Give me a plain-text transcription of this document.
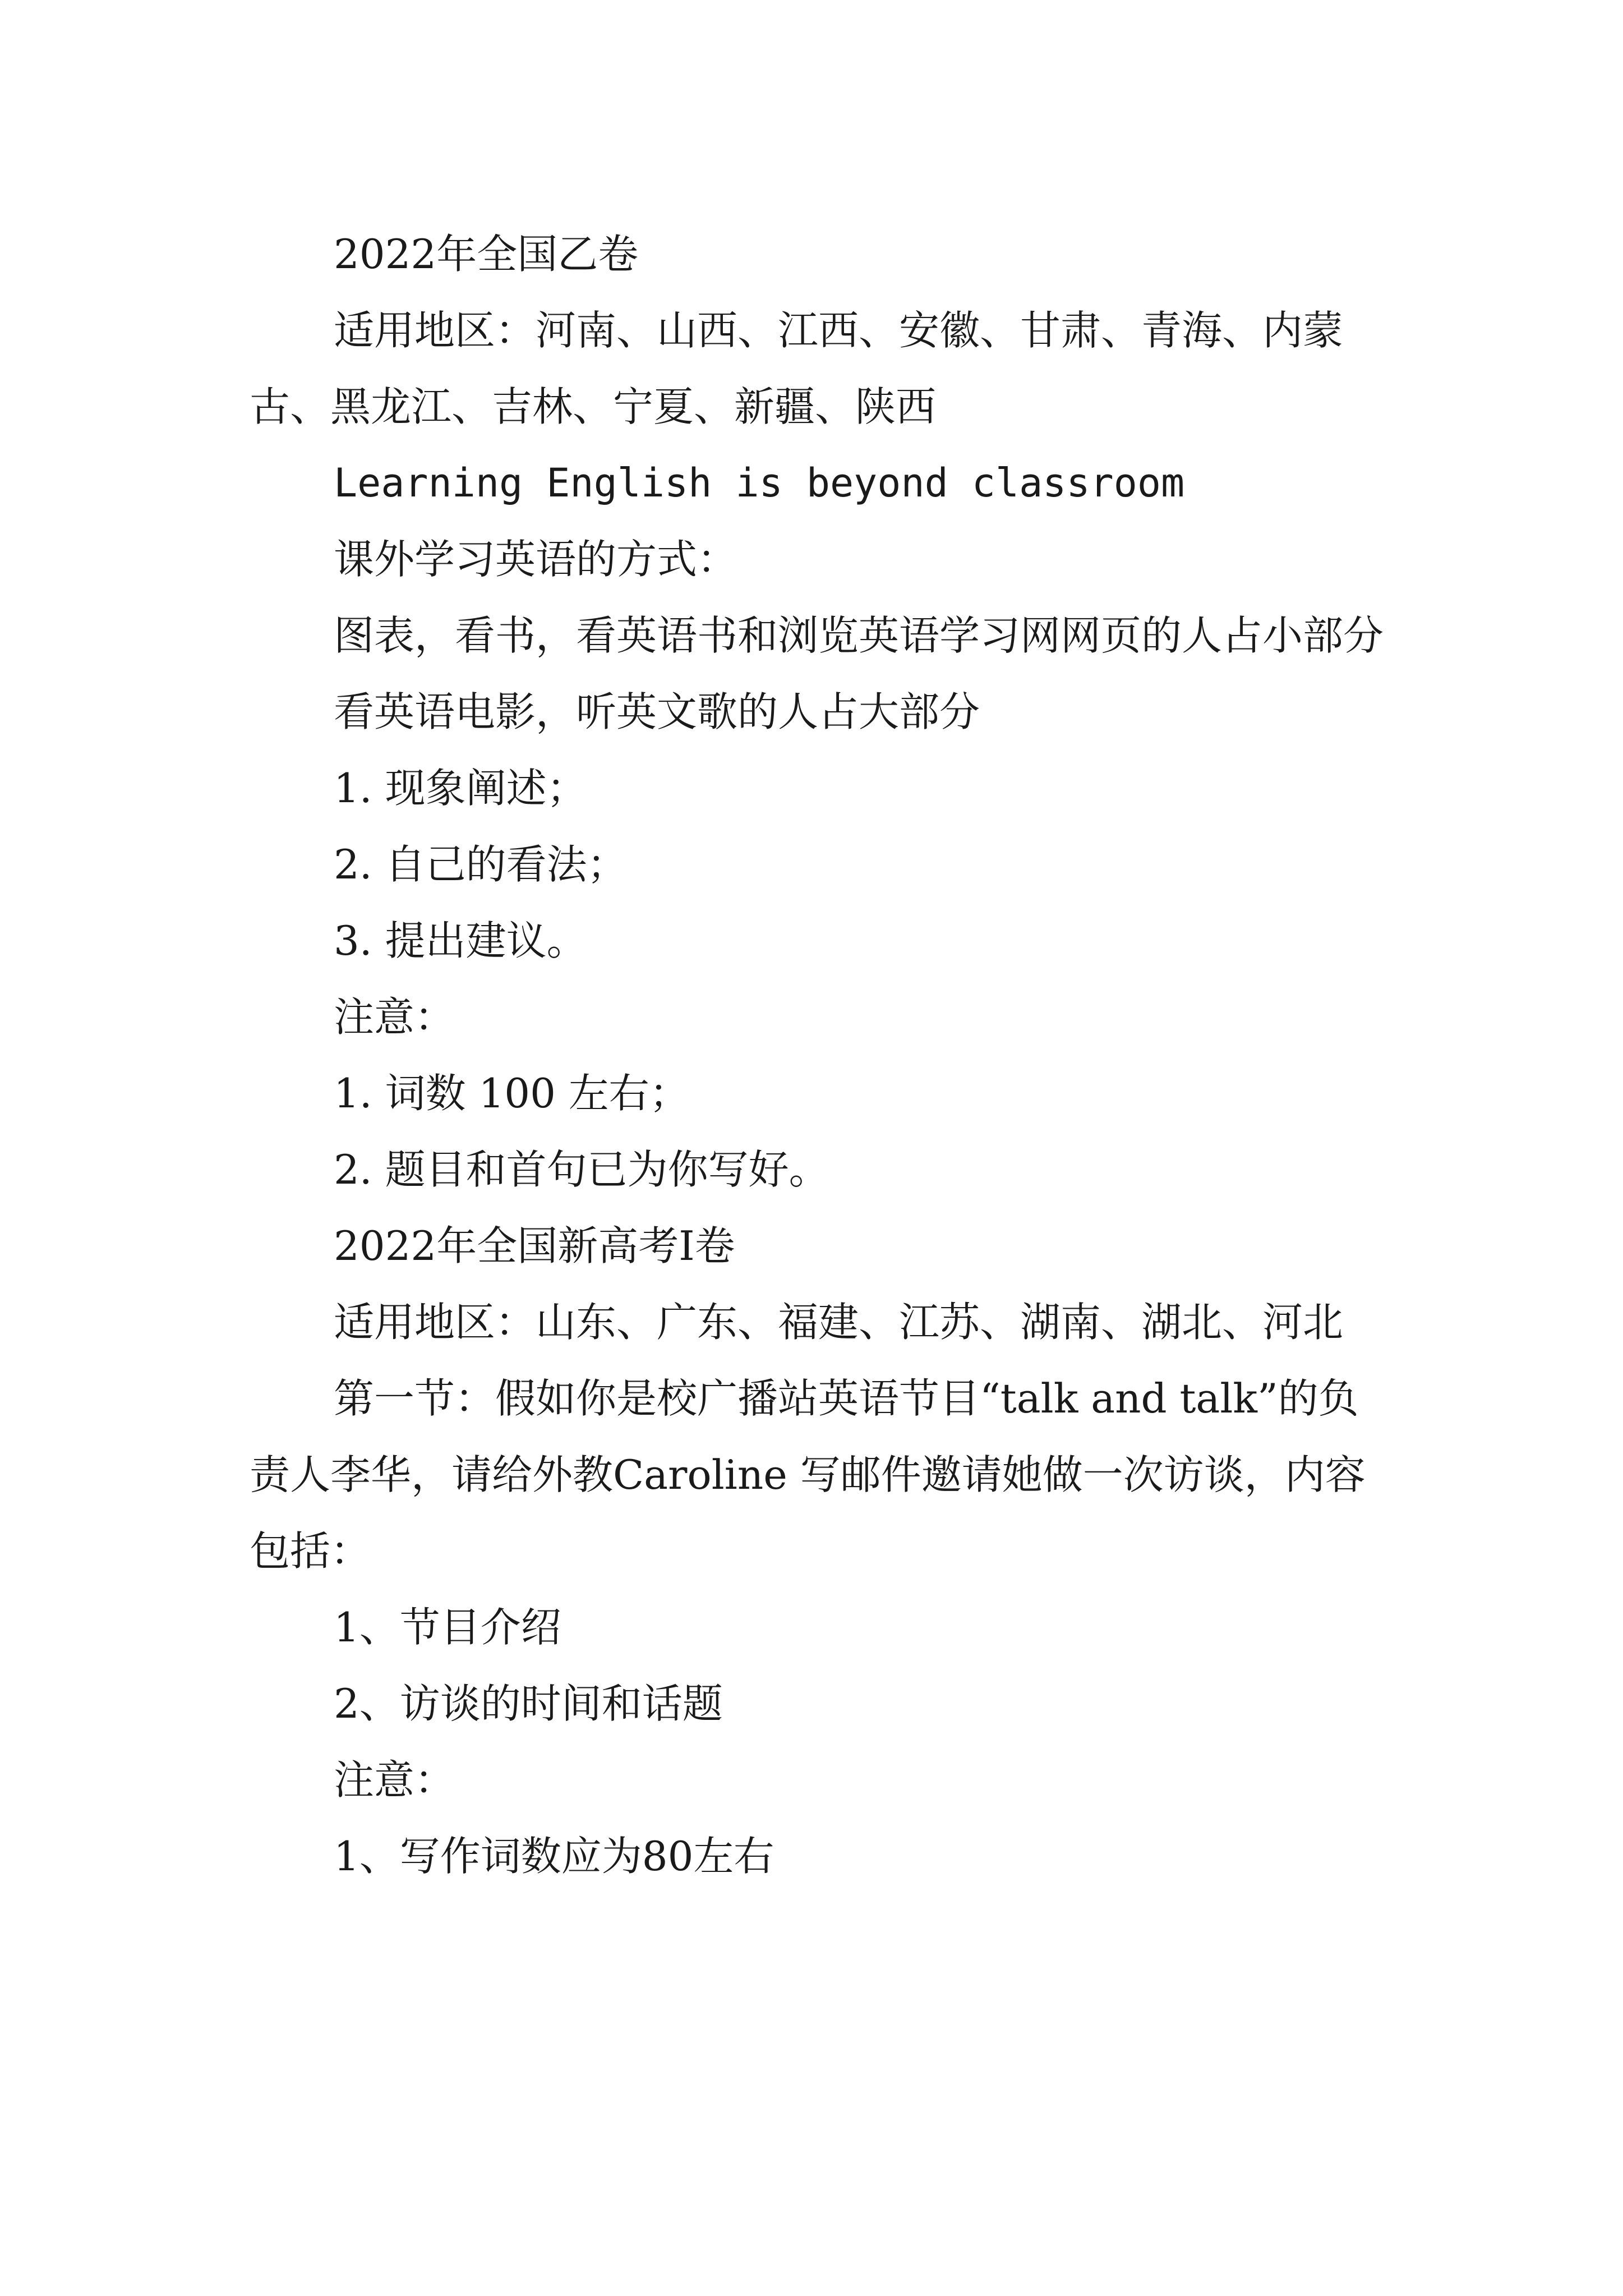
2022年全国乙卷

适用地区：河南、山西、江西、安徽、甘肃、青海、内蒙古、黑龙江、吉林、宁夏、新疆、陕西

Learning English is beyond classroom

课外学习英语的方式：

图表，看书，看英语书和浏览英语学习网网页的人占小部分

看英语电影，听英文歌的人占大部分

1. 现象阐述；

2. 自己的看法；

3. 提出建议。

注意：

1. 词数 100 左右；

2. 题目和首句已为你写好。

2022年全国新高考I卷

适用地区：山东、广东、福建、江苏、湖南、湖北、河北

第一节：假如你是校广播站英语节目“talk and talk”的负责人李华，请给外教Caroline 写邮件邀请她做一次访谈，内容包括：

1、节目介绍

2、访谈的时间和话题

注意：

1、写作词数应为80左右
